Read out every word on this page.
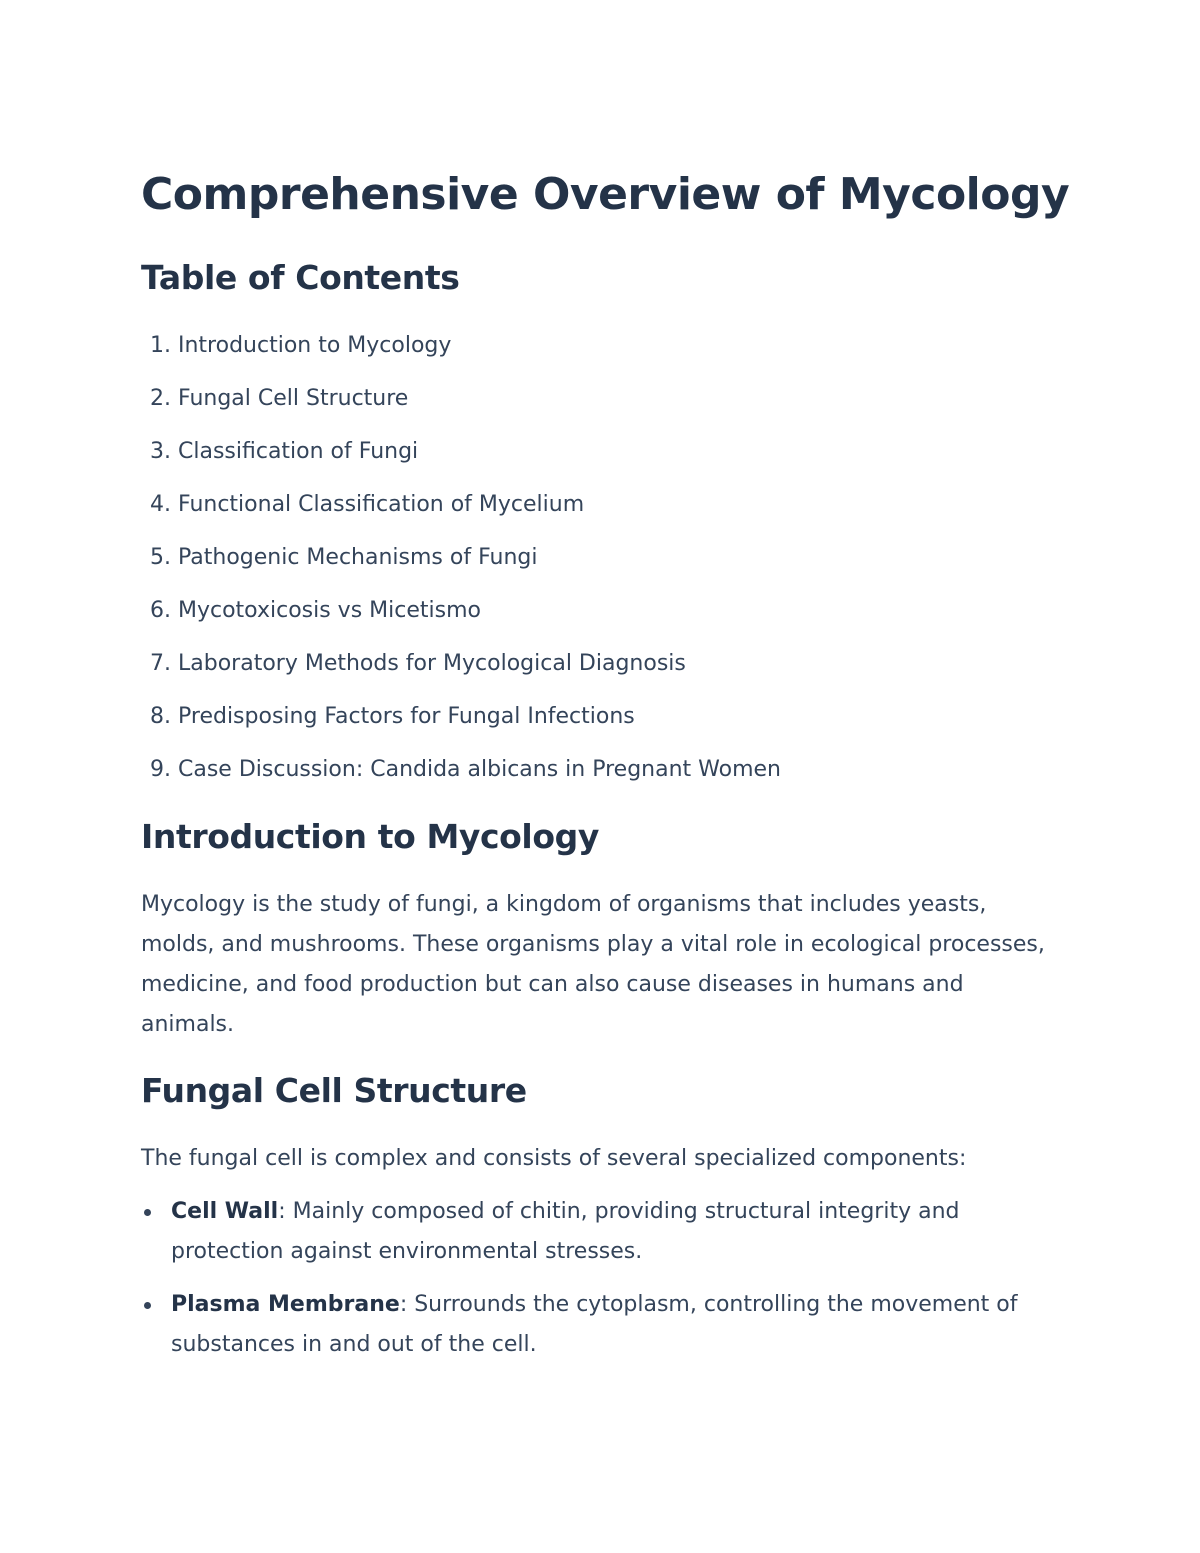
Comprehensive Overview of Mycology
Table of Contents
1. Introduction to Mycology
2. Fungal Cell Structure
3. Classification of Fungi
4. Functional Classification of Mycelium
5. Pathogenic Mechanisms of Fungi
6. Mycotoxicosis vs Micetismo
7. Laboratory Methods for Mycological Diagnosis
8. Predisposing Factors for Fungal Infections
9. Case Discussion: Candida albicans in Pregnant Women
Introduction to Mycology

Mycology is the study of fungi, a kingdom of organisms that includes yeasts, molds, and mushrooms. These organisms play a vital role in ecological processes, medicine, and food production but can also cause diseases in humans and animals.

Fungal Cell Structure

The fungal cell is complex and consists of several specialized components:

Cell Wall: Mainly composed of chitin, providing structural integrity and protection against environmental stresses.
Plasma Membrane: Surrounds the cytoplasm, controlling the movement of substances in and out of the cell.
